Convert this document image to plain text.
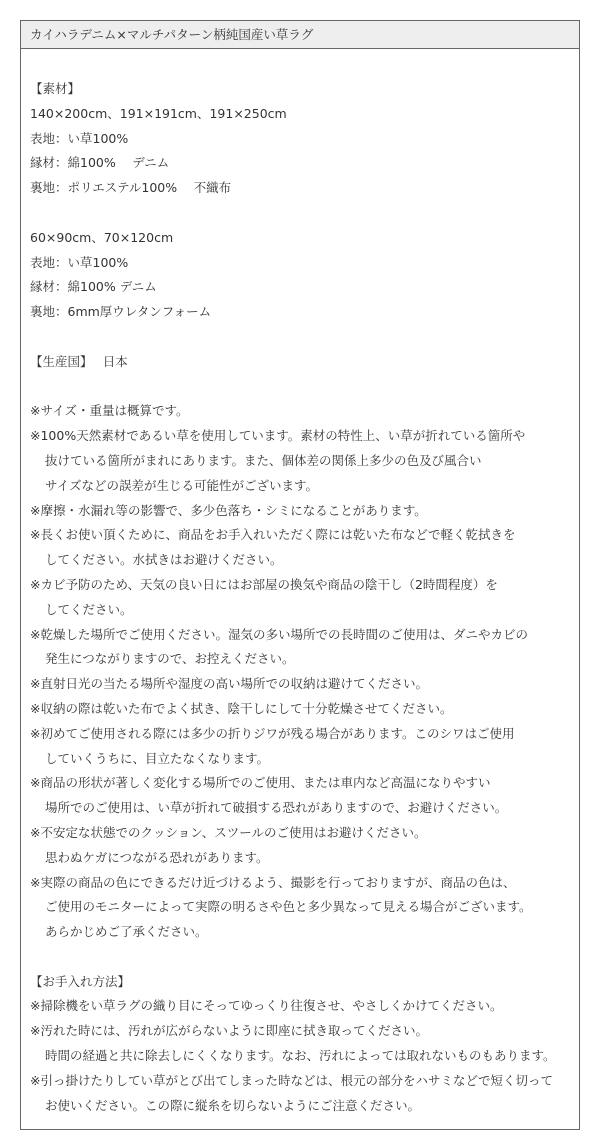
カイハラデニム×マルチパターン柄純国産い草ラグ
【素材】
140×200cm、191×191cm、191×250cm
表地：い草100%
縁材：綿100%　 デニム
裏地：ポリエステル100%　 不織布
60×90cm、70×120cm
表地：い草100%
縁材：綿100% デニム
裏地：6mm厚ウレタンフォーム
【生産国】　 日本
※サイズ・重量は概算です。
※100%天然素材であるい草を使用しています。素材の特性上、い草が折れている箇所や
抜けている箇所がまれにあります。また、個体差の関係上多少の色及び風合い
サイズなどの誤差が生じる可能性がございます。
※摩擦・水漏れ等の影響で、多少色落ち・シミになることがあります。
※長くお使い頂くために、商品をお手入れいただく際には乾いた布などで軽く乾拭きを
してください。水拭きはお避けください。
※カビ予防のため、天気の良い日にはお部屋の換気や商品の陰干し（2時間程度）を
してください。
※乾燥した場所でご使用ください。湿気の多い場所での長時間のご使用は、ダニやカビの
発生につながりますので、お控えください。
※直射日光の当たる場所や湿度の高い場所での収納は避けてください。
※収納の際は乾いた布でよく拭き、陰干しにして十分乾燥させてください。
※初めてご使用される際には多少の折りジワが残る場合があります。このシワはご使用
していくうちに、目立たなくなります。
※商品の形状が著しく変化する場所でのご使用、または車内など高温になりやすい
場所でのご使用は、い草が折れて破損する恐れがありますので、お避けください。
※不安定な状態でのクッション、スツールのご使用はお避けください。
思わぬケガにつながる恐れがあります。
※実際の商品の色にできるだけ近づけるよう、撮影を行っておりますが、商品の色は、
ご使用のモニターによって実際の明るさや色と多少異なって見える場合がございます。
あらかじめご了承ください。
【お手入れ方法】
※掃除機をい草ラグの織り目にそってゆっくり往復させ、やさしくかけてください。
※汚れた時には、汚れが広がらないように即座に拭き取ってください。
時間の経過と共に除去しにくくなります。なお、汚れによっては取れないものもあります。
※引っ掛けたりしてい草がとび出てしまった時などは、根元の部分をハサミなどで短く切って
お使いください。この際に縦糸を切らないようにご注意ください。
